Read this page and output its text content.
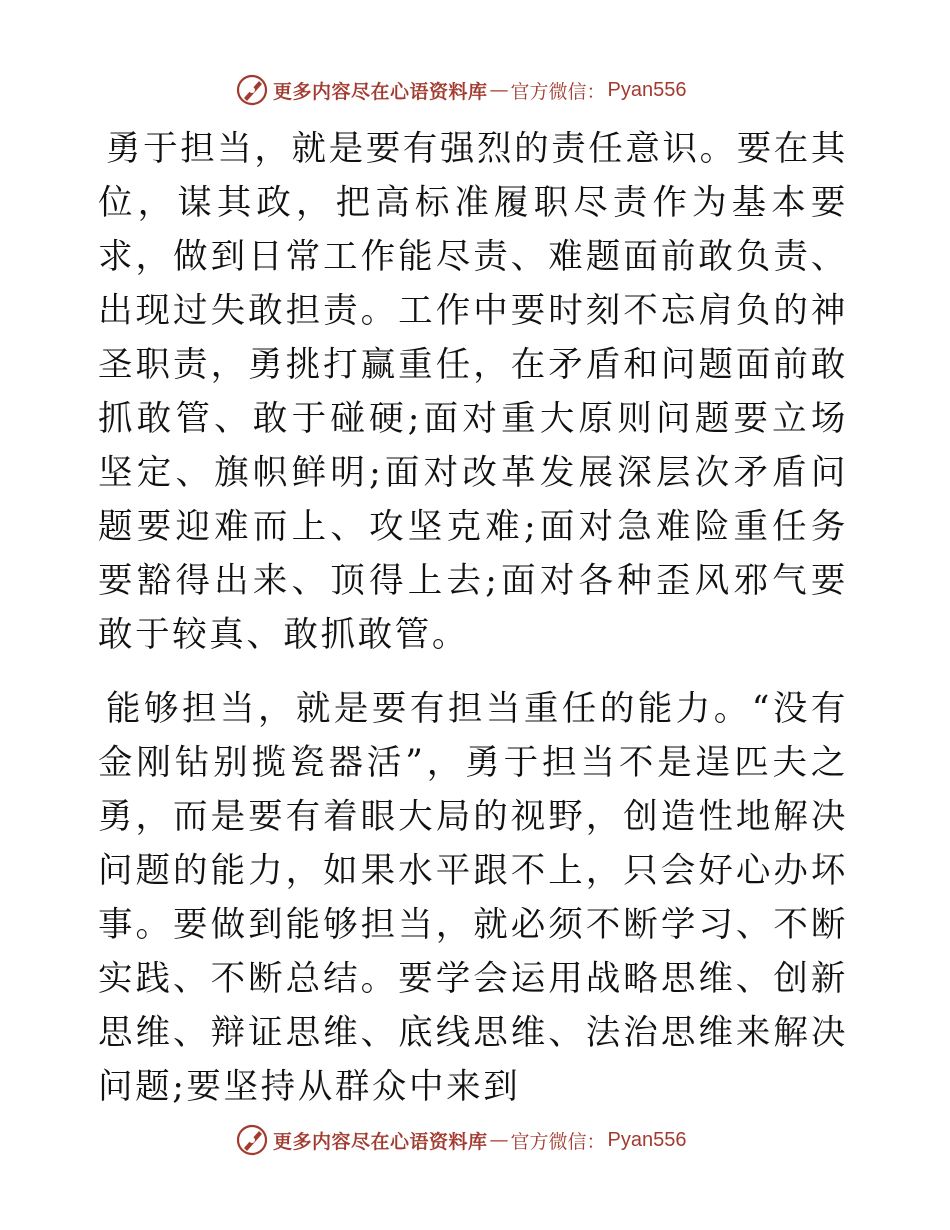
更多内容尽在心语资料库 — 官方微信： Pyan556

勇于担当，就是要有强烈的责任意识。要在其位，谋其政，把高标准履职尽责作为基本要求，做到日常工作能尽责、难题面前敢负责、出现过失敢担责。工作中要时刻不忘肩负的神圣职责，勇挑打赢重任，在矛盾和问题面前敢抓敢管、敢于碰硬;面对重大原则问题要立场坚定、旗帜鲜明;面对改革发展深层次矛盾问题要迎难而上、攻坚克难;面对急难险重任务要豁得出来、顶得上去;面对各种歪风邪气要敢于较真、敢抓敢管。

能够担当，就是要有担当重任的能力。“没有金刚钻别揽瓷器活”，勇于担当不是逞匹夫之勇，而是要有着眼大局的视野，创造性地解决问题的能力，如果水平跟不上，只会好心办坏事。要做到能够担当，就必须不断学习、不断实践、不断总结。要学会运用战略思维、创新思维、辩证思维、底线思维、法治思维来解决问题;要坚持从群众中来到

更多内容尽在心语资料库 — 官方微信： Pyan556
